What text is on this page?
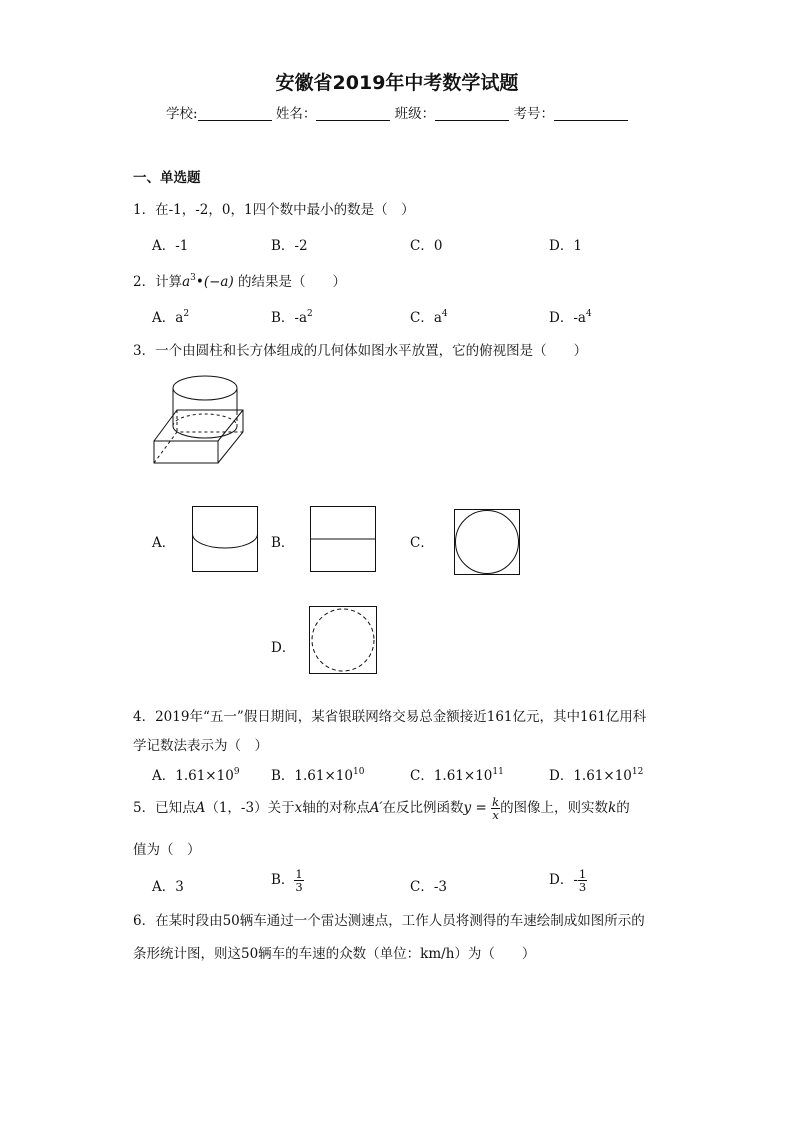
安徽省2019年中考数学试题
学校:	姓名：	班级：	考号：
一、单选题
1．在-1，-2，0，1四个数中最小的数是（　）
A．-1	B．-2	C．0	D．1
2．计算$a^3•(-a)$ 的结果是（　　）
A．$a^2$	B．$-a^2$	C．$a^4$	D．$-a^4$
3．一个由圆柱和长方体组成的几何体如图水平放置，它的俯视图是（　　）
A．	B．	C．
D．
4．2019年“五一”假日期间，某省银联网络交易总金额接近161亿元，其中161亿用科
学记数法表示为（　）
A．$1.61\times 10^9$ B．$1.61\times 10^{10}$	C．$1.61\times 10^{11}$	D．$1.61\times 10^{12}$
5．已知点A（1，-3）关于x轴的对称点A′在反比例函数$y = \frac{k}{x}$ 的图像上，则实数k的
值为（　）
A．3	B． $\frac{1}{3}$	C．-3	D．- $\frac{1}{3}$
6．在某时段由50辆车通过一个雷达测速点，工作人员将测得的车速绘制成如图所示的
条形统计图，则这50辆车的车速的众数（单位：km/h）为（　　）
